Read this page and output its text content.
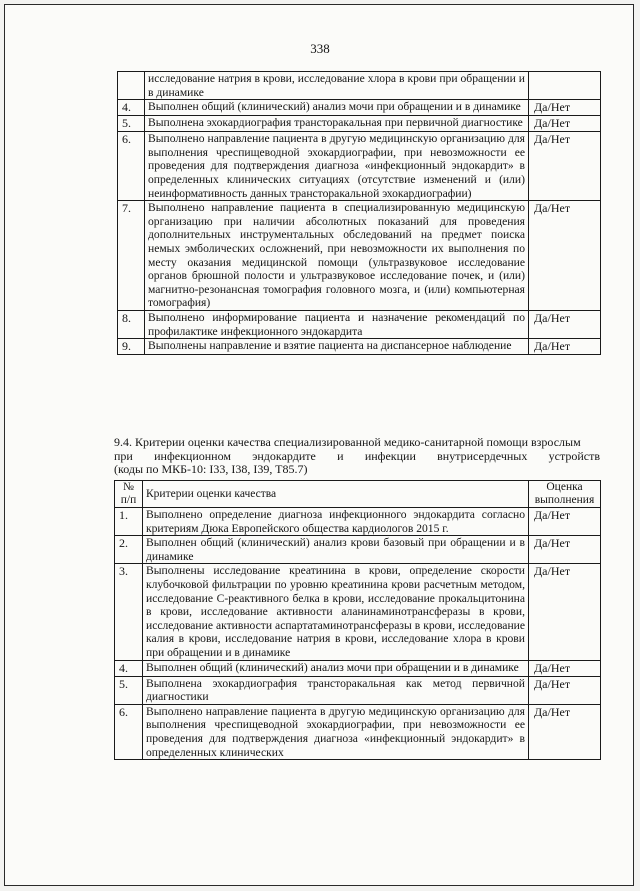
338
	исследование натрия в крови, исследование хлора в крови при обращении и в динамике	
4.	Выполнен общий (клинический) анализ мочи при обращении и в динамике	Да/Нет
5.	Выполнена эхокардиография трансторакальная при первичной диагностике	Да/Нет
6.	Выполнено направление пациента в другую медицинскую организацию для выполнения чреспищеводной эхокардиографии, при невозможности ее проведения для подтверждения диагноза «инфекционный эндокардит» в определенных клинических ситуациях (отсутствие изменений и (или) неинформативность данных трансторакальной эхокардиографии)	Да/Нет
7.	Выполнено направление пациента в специализированную медицинскую организацию при наличии абсолютных показаний для проведения дополнительных инструментальных обследований на предмет поиска немых эмболических осложнений, при невозможности их выполнения по месту оказания медицинской помощи (ультразвуковое исследование органов брюшной полости и ультразвуковое исследование почек, и (или) магнитно-резонансная томография головного мозга, и (или) компьютерная томография)	Да/Нет
8.	Выполнено информирование пациента и назначение рекомендаций по профилактике инфекционного эндокардита	Да/Нет
9.	Выполнены направление и взятие пациента на диспансерное наблюдение	Да/Нет
9.4. Критерии оценки качества специализированной медико-санитарной помощи взрослым
при инфекционном эндокардите и инфекции внутрисердечных устройств
(коды по МКБ-10: I33, I38, I39, T85.7)
№ п/п	Критерии оценки качества	Оценка выполнения
1.	Выполнено определение диагноза инфекционного эндокардита согласно критериям Дюка Европейского общества кардиологов 2015 г.	Да/Нет
2.	Выполнен общий (клинический) анализ крови базовый при обращении и в динамике	Да/Нет
3.	Выполнены исследование креатинина в крови, определение скорости клубочковой фильтрации по уровню креатинина крови расчетным методом, исследование С-реактивного белка в крови, исследование прокальцитонина в крови, исследование активности аланинаминотрансферазы в крови, исследование активности аспартатаминотрансферазы в крови, исследование калия в крови, исследование натрия в крови, исследование хлора в крови при обращении и в динамике	Да/Нет
4.	Выполнен общий (клинический) анализ мочи при обращении и в динамике	Да/Нет
5.	Выполнена эхокардиография трансторакальная как метод первичной диагностики	Да/Нет
6.	Выполнено направление пациента в другую медицинскую организацию для выполнения чреспищеводной эхокардиографии, при невозможности ее проведения для подтверждения диагноза «инфекционный эндокардит» в определенных клинических	Да/Нет
